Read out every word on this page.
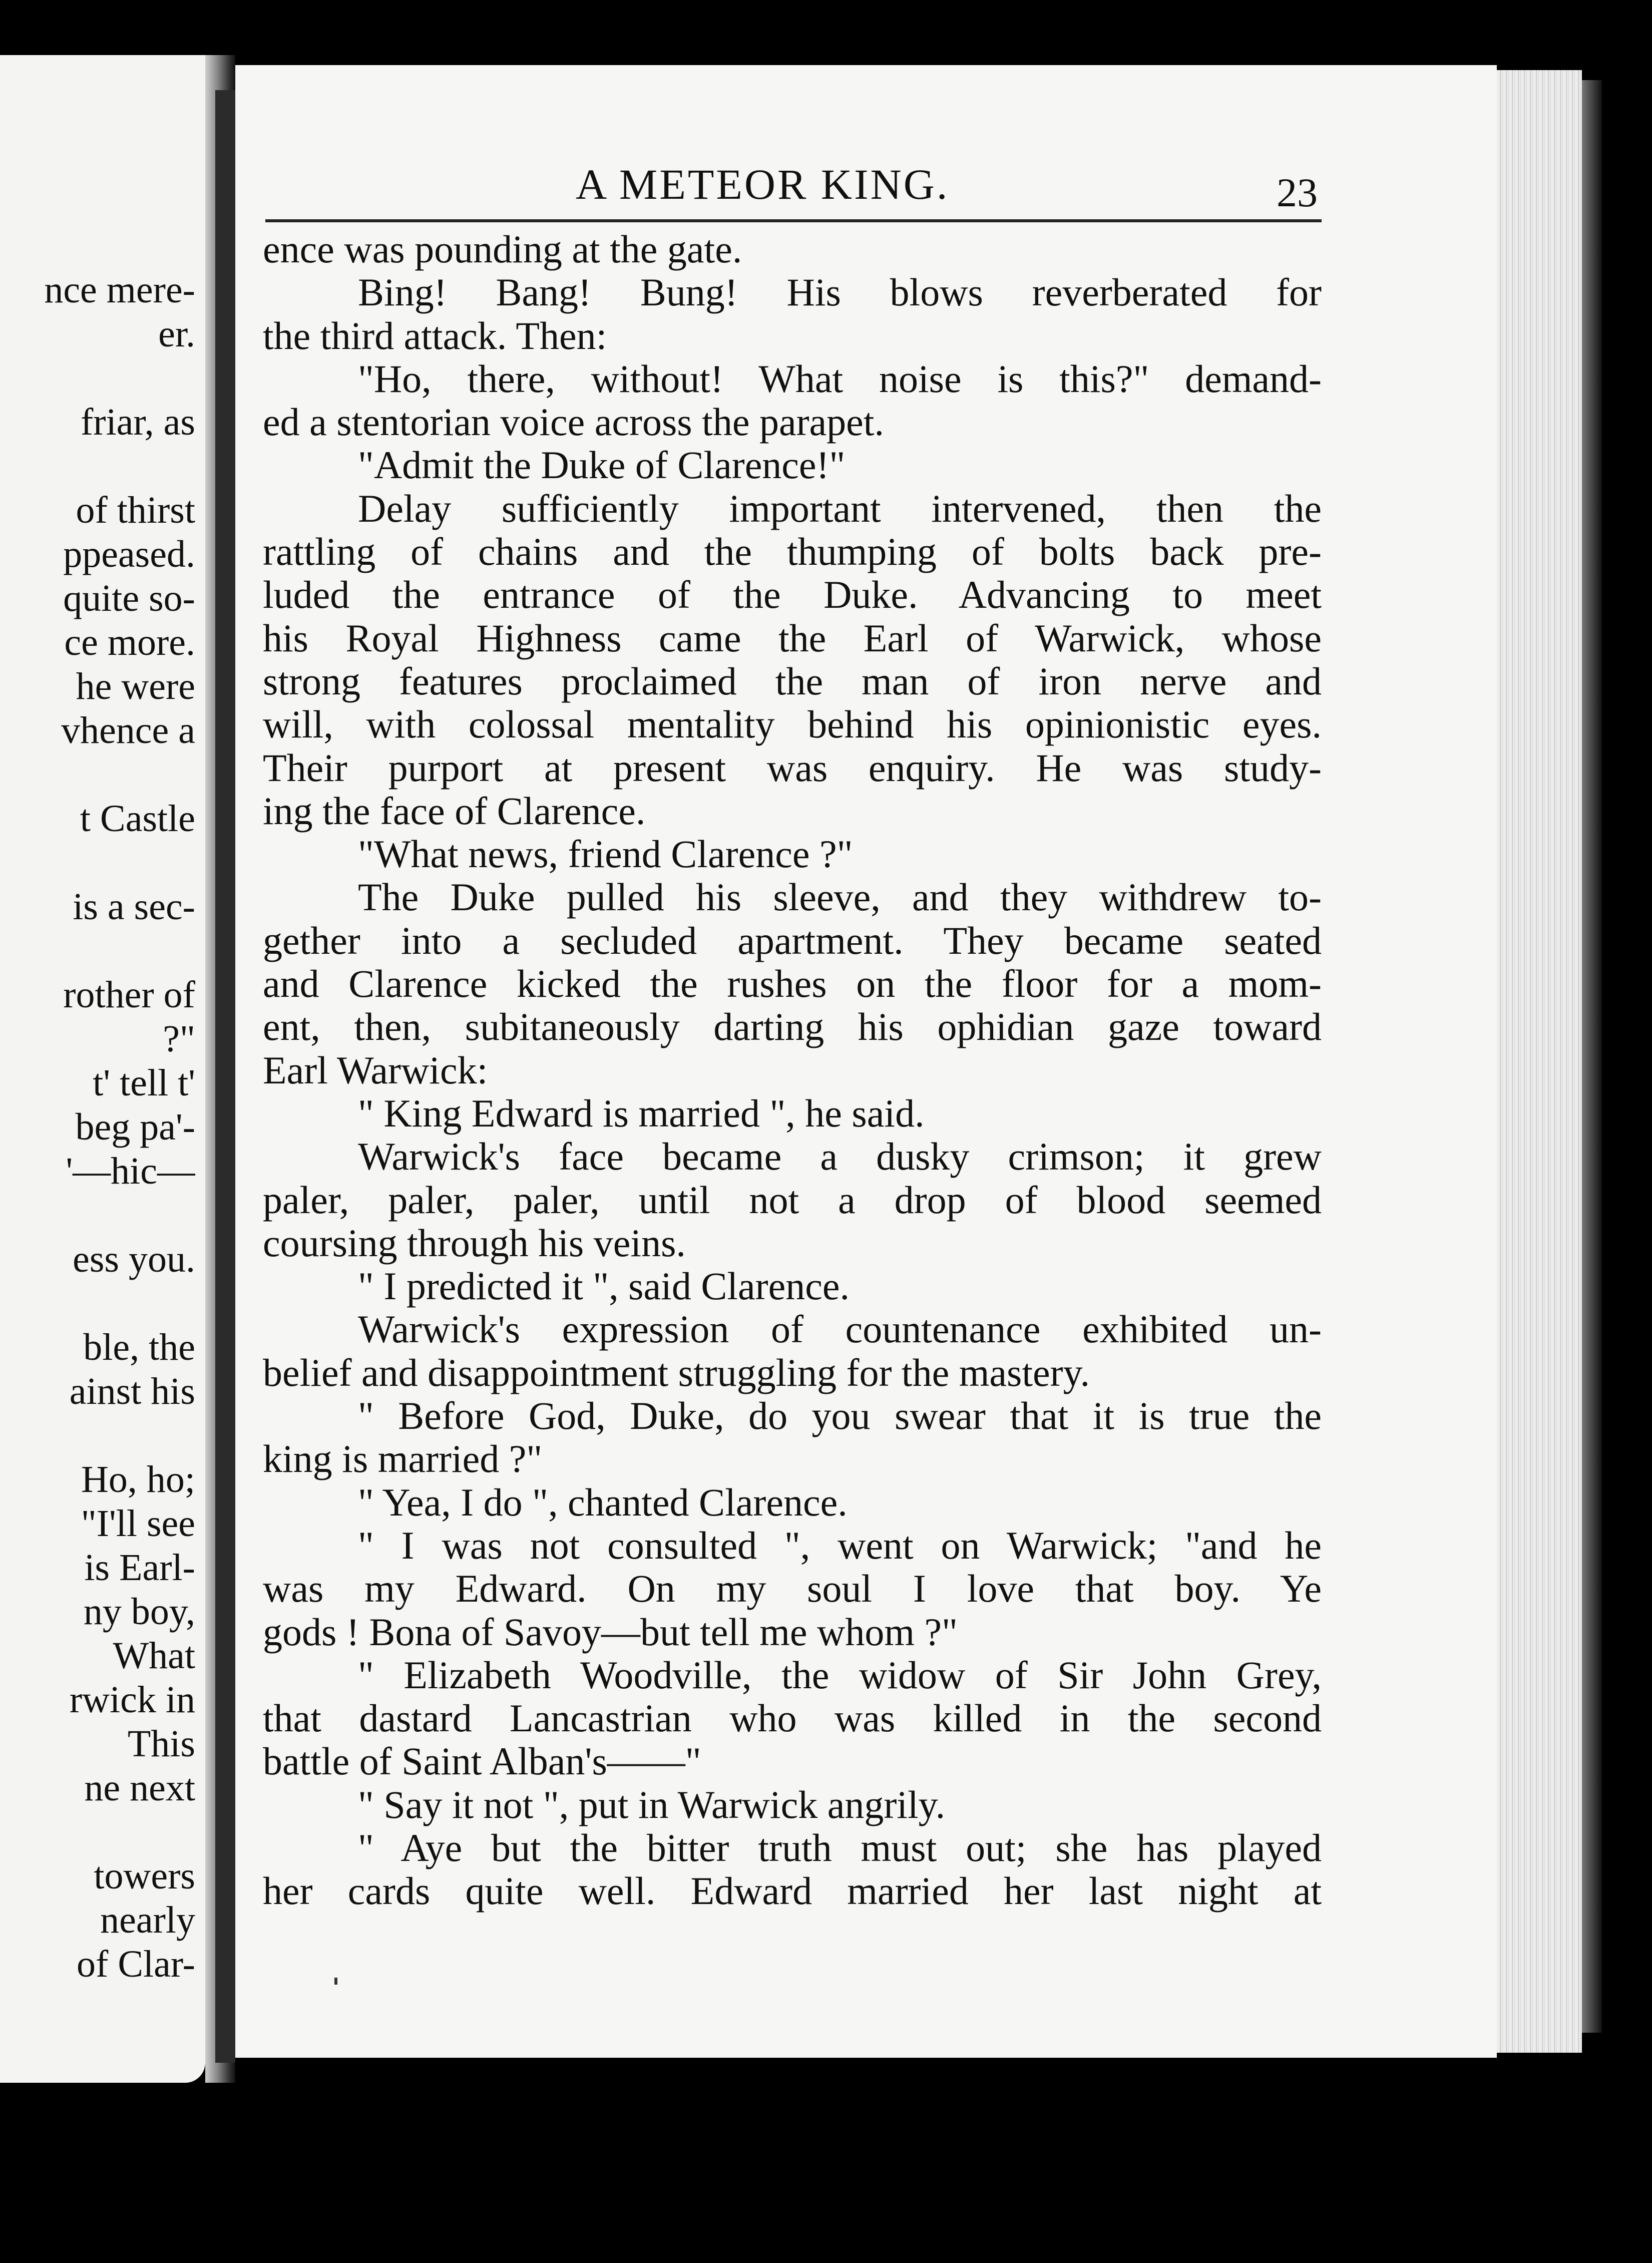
nce mere-
er.
friar, as
of thirst
ppeased.
quite so-
ce more.
he were
vhence a
t Castle
is a sec-
rother of
?"
t' tell t'
beg pa'-
'—hic—
ess you.
ble, the
ainst his
Ho, ho;
"I'll see
is Earl-
ny boy,
What
rwick in
This
ne next
towers
nearly
of Clar-
A METEOR KING.	23
ence was pounding at the gate.
Bing! Bang! Bung! His blows reverberated for
the third attack. Then:
"Ho, there, without! What noise is this?" demand-
ed a stentorian voice across the parapet.
"Admit the Duke of Clarence!"
Delay sufficiently important intervened, then the
rattling of chains and the thumping of bolts back pre-
luded the entrance of the Duke. Advancing to meet
his Royal Highness came the Earl of Warwick, whose
strong features proclaimed the man of iron nerve and
will, with colossal mentality behind his opinionistic eyes.
Their purport at present was enquiry. He was study-
ing the face of Clarence.
"What news, friend Clarence ?"
The Duke pulled his sleeve, and they withdrew to-
gether into a secluded apartment. They became seated
and Clarence kicked the rushes on the floor for a mom-
ent, then, subitaneously darting his ophidian gaze toward
Earl Warwick:
" King Edward is married ", he said.
Warwick's face became a dusky crimson; it grew
paler, paler, paler, until not a drop of blood seemed
coursing through his veins.
" I predicted it ", said Clarence.
Warwick's expression of countenance exhibited un-
belief and disappointment struggling for the mastery.
" Before God, Duke, do you swear that it is true the
king is married ?"
" Yea, I do ", chanted Clarence.
" I was not consulted ", went on Warwick; "and he
was my Edward. On my soul I love that boy. Ye
gods ! Bona of Savoy—but tell me whom ?"
" Elizabeth Woodville, the widow of Sir John Grey,
that dastard Lancastrian who was killed in the second
battle of Saint Alban's——"
" Say it not ", put in Warwick angrily.
" Aye but the bitter truth must out; she has played
her cards quite well. Edward married her last night at
